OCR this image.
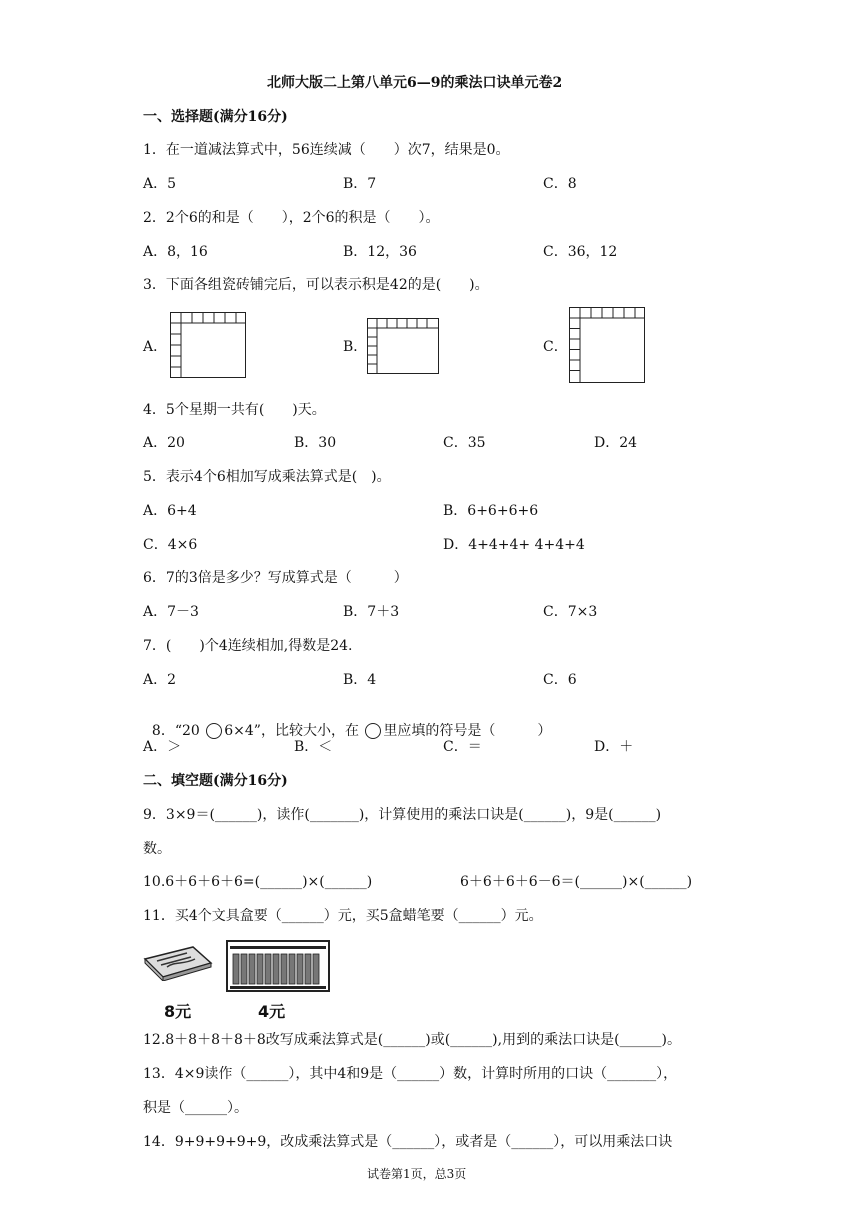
北师大版二上第八单元6—9的乘法口诀单元卷2
一、选择题(满分16分)
1．在一道减法算式中，56连续减（　　）次7，结果是0。
A．5	B．7	C．8
2．2个6的和是（　　），2个6的积是（　　）。
A．8，16	B．12，36	C．36，12
3．下面各组瓷砖铺完后，可以表示积是42的是(　　)。
A．	B．	C．
4．5个星期一共有(　　)天。
A．20	B．30	C．35	D．24
5．表示4个6相加写成乘法算式是(　)。
A．6+4	B．6+6+6+6
C．4×6	D．4+4+4+ 4+4+4
6．7的3倍是多少？写成算式是（　　　）
A．7－3	B．7＋3	C．7×3
7．(　　)个4连续相加,得数是24.
A．2	B．4	C．6

8．“20 6×4”，比较大小，在 里应填的符号是（　　　）

A．＞	B．＜	C．＝	D．＋
二、填空题(满分16分)
9．3×9＝(______)，读作(_______)，计算使用的乘法口诀是(______)，9是(______)
数。
10.6＋6＋6＋6=(______)×(______)	6＋6＋6＋6－6＝(______)×(______)
11．买4个文具盒要（______）元，买5盒蜡笔要（______）元。
8元	4元
12.8＋8＋8＋8＋8改写成乘法算式是(______)或(______),用到的乘法口诀是(______)。
13．4×9读作（______），其中4和9是（______）数，计算时所用的口诀（_______），
积是（______）。
14．9+9+9+9+9，改成乘法算式是（______），或者是（______），可以用乘法口诀
试卷第1页，总3页
